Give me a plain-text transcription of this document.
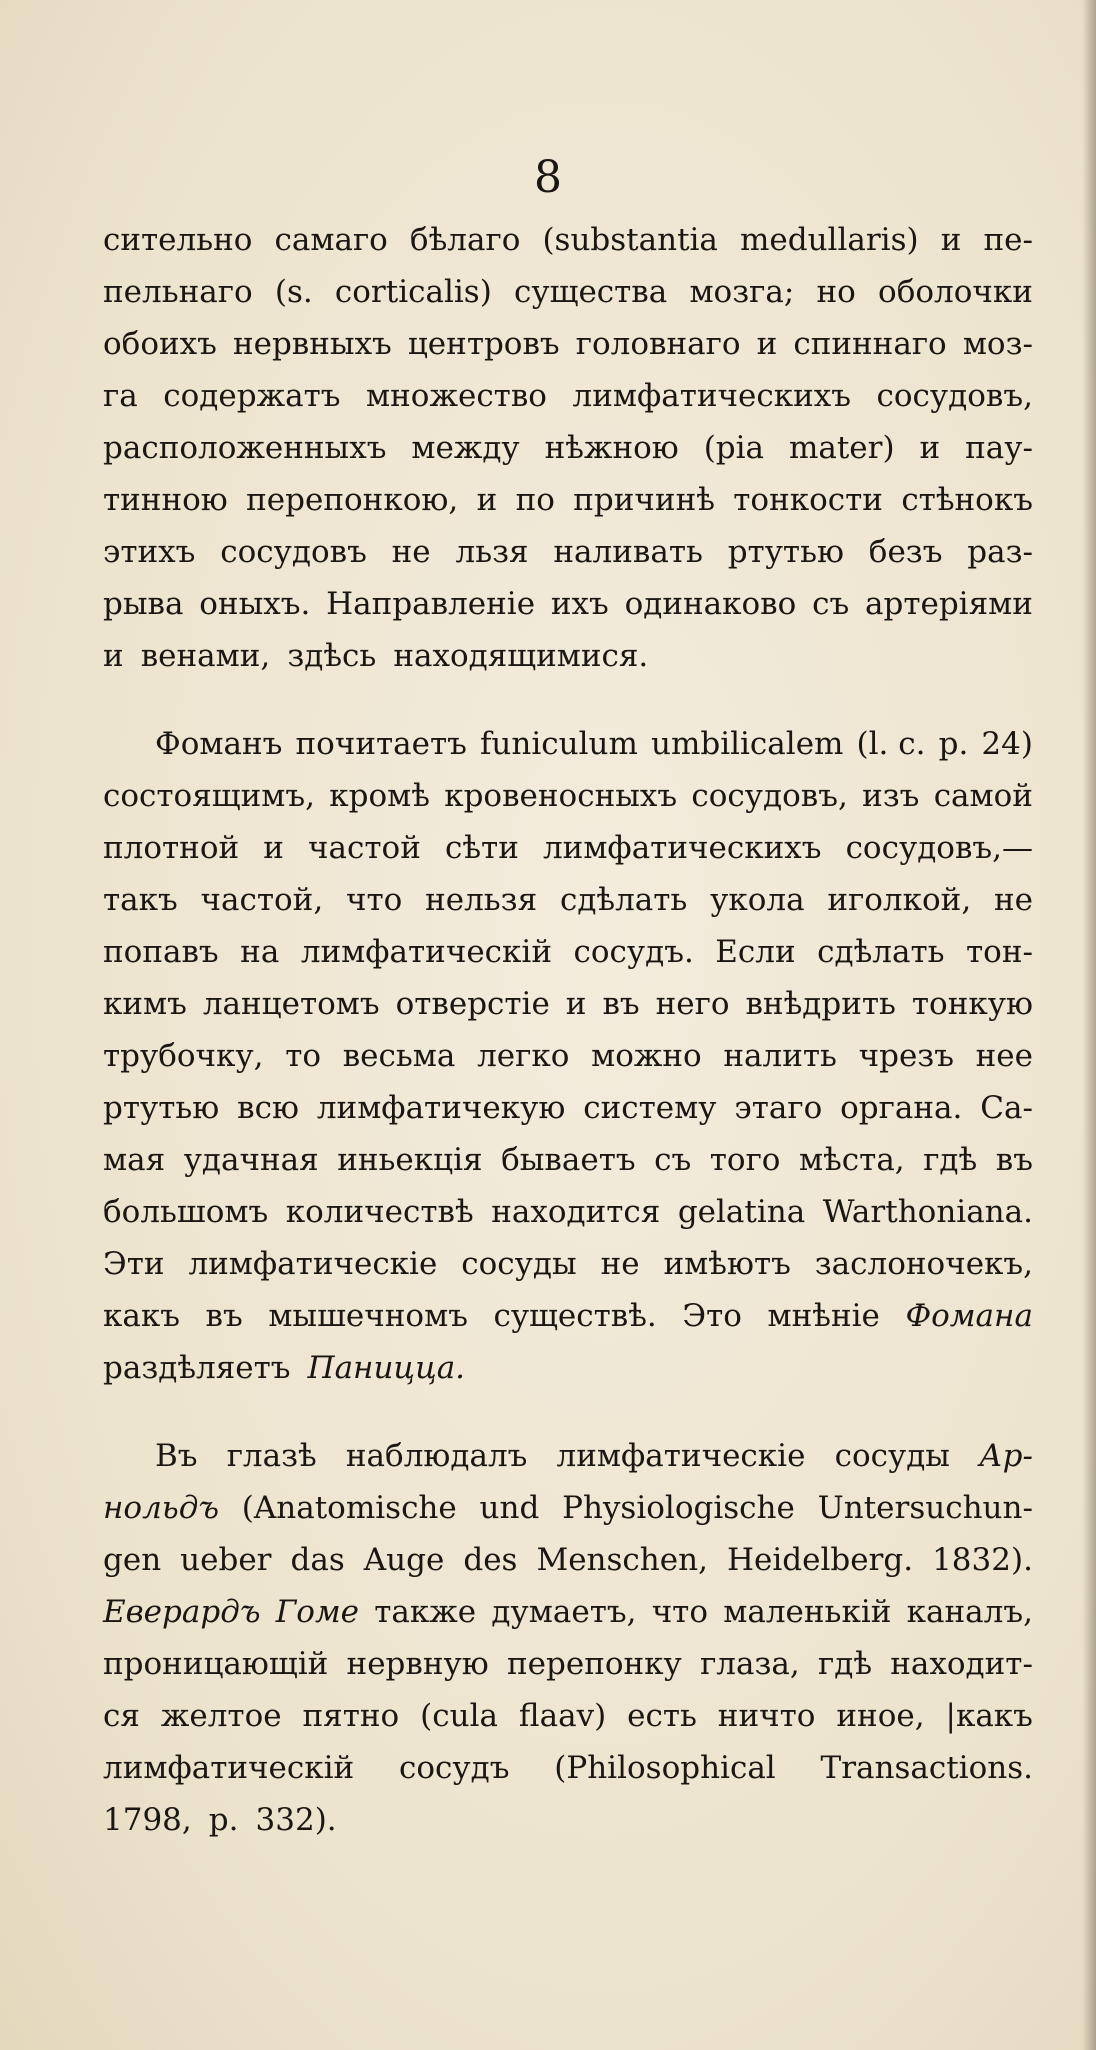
8
сительно самаго бѣлаго (substantia medullaris) и пе-
пельнаго (s. corticalis) существа мозга; но оболочки
обоихъ нервныхъ центровъ головнаго и спиннаго моз-
га содержатъ множество лимфатическихъ сосудовъ,
расположенныхъ между нѣжною (pia mater) и пау-
тинною перепонкою, и по причинѣ тонкости стѣнокъ
этихъ сосудовъ не льзя наливать ртутью безъ раз-
рыва оныхъ. Направленіе ихъ одинаково съ артеріями
и венами, здѣсь находящимися.
Фоманъ почитаетъ funiculum umbilicalem (l. c. p. 24)
состоящимъ, кромѣ кровеносныхъ сосудовъ, изъ самой
плотной и частой сѣти лимфатическихъ сосудовъ,—
такъ частой, что нельзя сдѣлать укола иголкой, не
попавъ на лимфатическій сосудъ. Если сдѣлать тон-
кимъ ланцетомъ отверстіе и въ него внѣдрить тонкую
трубочку, то весьма легко можно налить чрезъ нее
ртутью всю лимфатичекую систему этаго органа. Са-
мая удачная иньекція бываетъ съ того мѣста, гдѣ въ
большомъ количествѣ находится gelatina Warthoniana.
Эти лимфатическіе сосуды не имѣютъ заслоночекъ,
какъ въ мышечномъ существѣ. Это мнѣніе Фомана
раздѣляетъ Паницца.
Въ глазѣ наблюдалъ лимфатическіе сосуды Ар-
нольдъ (Anatomische und Physiologische Untersuchun-
gen ueber das Auge des Menschen, Heidelberg. 1832).
Еверардъ Гоме также думаетъ, что маленькій каналъ,
проницающій нервную перепонку глаза, гдѣ находит-
ся желтое пятно (cula flaav) есть ничто иное, |какъ
лимфатическій сосудъ (Philosophical Transactions.
1798, p. 332).
